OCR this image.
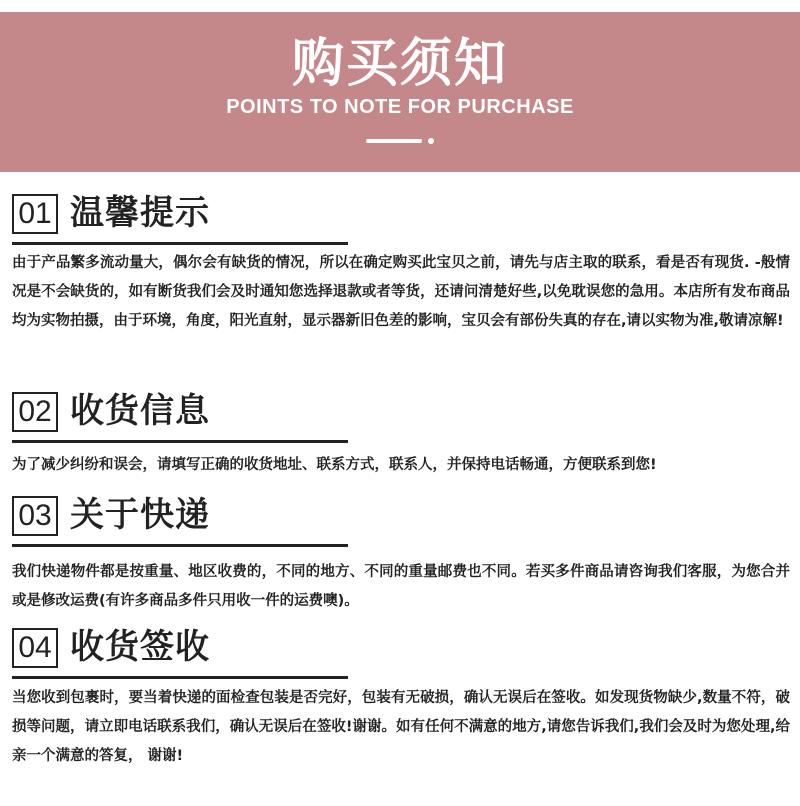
购买须知
POINTS TO NOTE FOR PURCHASE
01 温馨提示

由于产品繁多流动量大，偶尔会有缺货的情况，所以在确定购买此宝贝之前，请先与店主取的联系，看是否有现货. -般情况是不会缺货的，如有断货我们会及时通知您选择退款或者等货，还请问清楚好些,以免耽误您的急用。本店所有发布商品均为实物拍摄，由于环境，角度，阳光直射，显示器新旧色差的影响，宝贝会有部份失真的存在,请以实物为准,敬请凉解!

02 收货信息

为了减少纠纷和误会，请填写正确的收货地址、联系方式，联系人，并保持电话畅通，方便联系到您!

03 关于快递

我们快递物件都是按重量、地区收费的，不同的地方、不同的重量邮费也不同。若买多件商品请咨询我们客服，为您合并或是修改运费(有许多商品多件只用收一件的运费噢)。

04 收货签收

当您收到包裹时，要当着快递的面检查包装是否完好，包装有无破损，确认无误后在签收。如发现货物缺少,数量不符，破损等问题，请立即电话联系我们，确认无误后在签收!谢谢。如有任何不满意的地方,请您告诉我们,我们会及时为您处理,给亲一个满意的答复， 谢谢!
